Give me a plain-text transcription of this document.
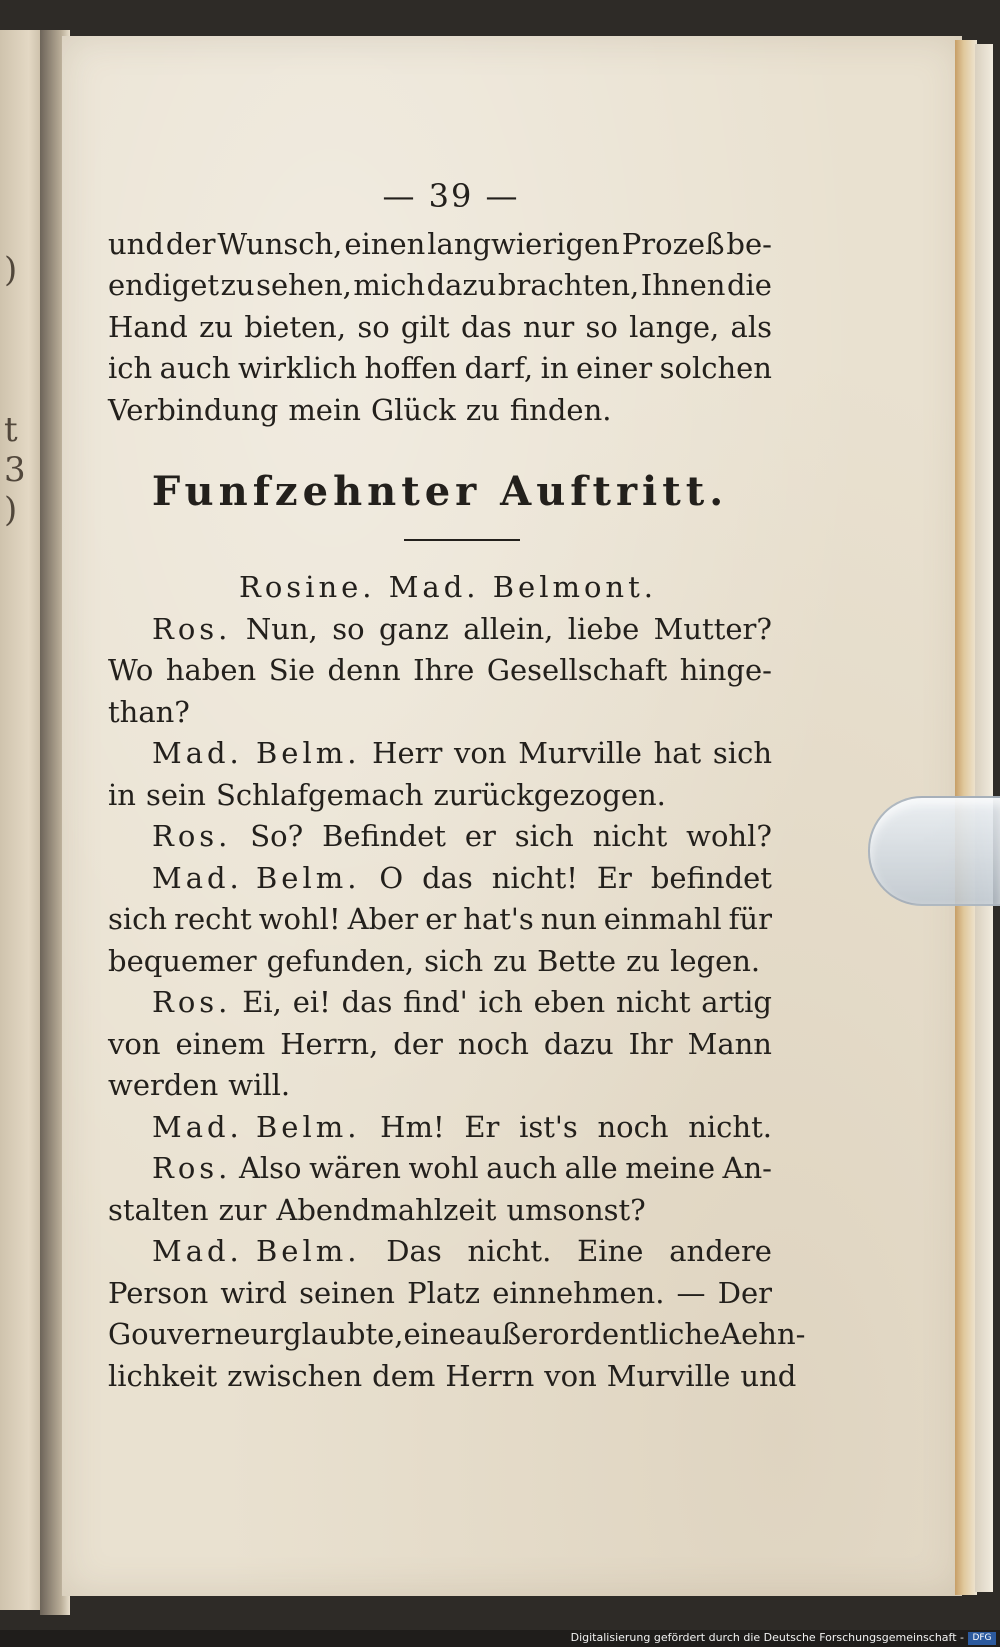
)
t
3
)
— 39 —
und der Wunsch, einen langwierigen Prozeß be-
endiget zu sehen, mich dazu brachten, Ihnen die
Hand zu bieten, so gilt das nur so lange, als
ich auch wirklich hoffen darf, in einer solchen
Verbindung mein Glück zu finden.
Funfzehnter Auftritt.
Rosine. Mad. Belmont.
Ros. Nun, so ganz allein, liebe Mutter?
Wo haben Sie denn Ihre Gesellschaft hinge-
than?
Mad. Belm. Herr von Murville hat sich
in sein Schlafgemach zurückgezogen.
Ros. So? Befindet er sich nicht wohl?
Mad. Belm. O das nicht! Er befindet
sich recht wohl! Aber er hat's nun einmahl für
bequemer gefunden, sich zu Bette zu legen.
Ros. Ei, ei! das find' ich eben nicht artig
von einem Herrn, der noch dazu Ihr Mann
werden will.
Mad. Belm. Hm! Er ist's noch nicht.
Ros. Also wären wohl auch alle meine An-
stalten zur Abendmahlzeit umsonst?
Mad. Belm. Das nicht. Eine andere
Person wird seinen Platz einnehmen. — Der
Gouverneur glaubte, eine außerordentliche Aehn-
lichkeit zwischen dem Herrn von Murville und
Digitalisierung gefördert durch die Deutsche Forschungsgemeinschaft - DFG
